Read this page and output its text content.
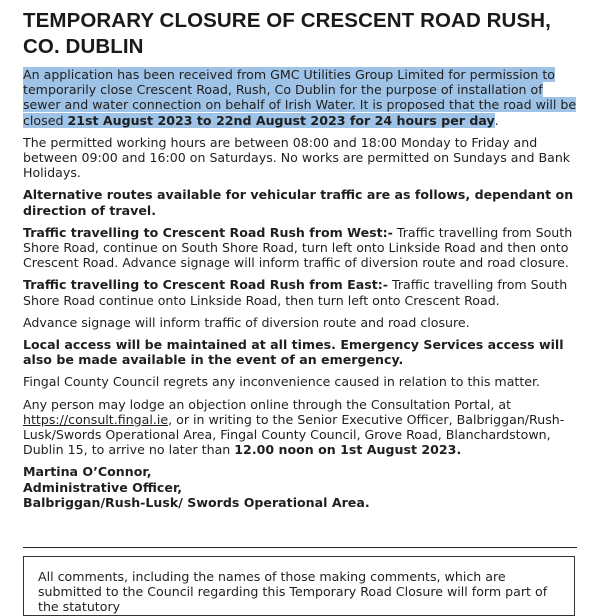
TEMPORARY CLOSURE OF CRESCENT ROAD RUSH, CO. DUBLIN

An application has been received from GMC Utilities Group Limited for permission to temporarily close Crescent Road, Rush, Co Dublin for the purpose of installation of sewer and water connection on behalf of Irish Water. It is proposed that the road will be closed 21st August 2023 to 22nd August 2023 for 24 hours per day.

The permitted working hours are between 08:00 and 18:00 Monday to Friday and between 09:00 and 16:00 on Saturdays. No works are permitted on Sundays and Bank Holidays.

Alternative routes available for vehicular traffic are as follows, dependant on direction of travel.

Traffic travelling to Crescent Road Rush from West:- Traffic travelling from South Shore Road, continue on South Shore Road, turn left onto Linkside Road and then onto Crescent Road. Advance signage will inform traffic of diversion route and road closure.

Traffic travelling to Crescent Road Rush from East:- Traffic travelling from South Shore Road continue onto Linkside Road, then turn left onto Crescent Road.

Advance signage will inform traffic of diversion route and road closure.

Local access will be maintained at all times. Emergency Services access will also be made available in the event of an emergency.

Fingal County Council regrets any inconvenience caused in relation to this matter.

Any person may lodge an objection online through the Consultation Portal, at https://consult.fingal.ie, or in writing to the Senior Executive Officer, Balbriggan/Rush-Lusk/Swords Operational Area, Fingal County Council, Grove Road, Blanchardstown, Dublin 15, to arrive no later than 12.00 noon on 1st August 2023.

Martina O’Connor,
Administrative Officer,
Balbriggan/Rush-Lusk/ Swords Operational Area.

All comments, including the names of those making comments, which are submitted to the Council regarding this Temporary Road Closure will form part of the statutory
